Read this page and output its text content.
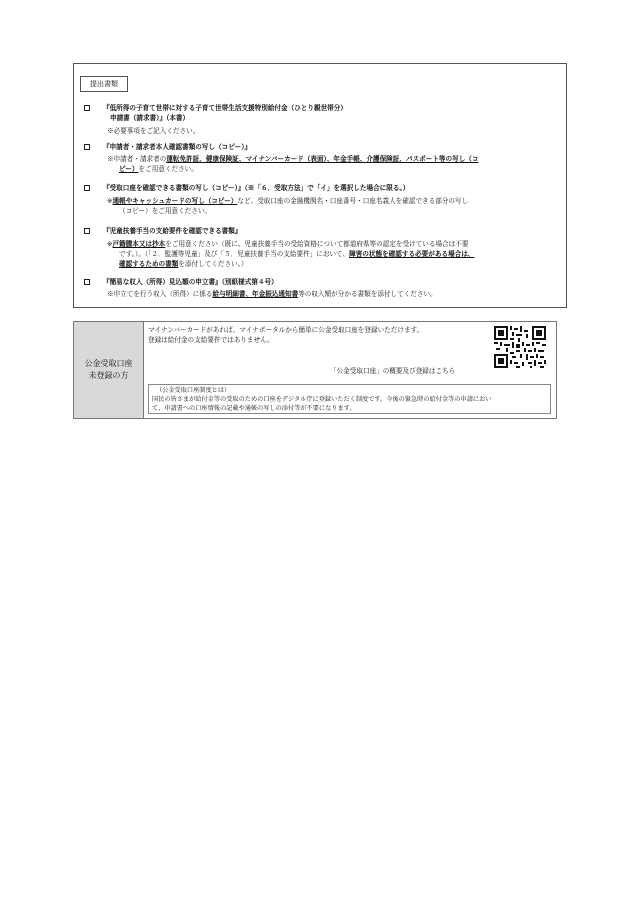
提出書類
『低所得の子育て世帯に対する子育て世帯生活支援特別給付金（ひとり親世帯分）
申請書（請求書）』（本書）
※必要事項をご記入ください。
『申請者・請求者本人確認書類の写し（コピー）』
※申請者・請求者の運転免許証、健康保険証、マイナンバーカード（表面）、年金手帳、介護保険証、パスポート等の写し（コ
ピー）をご用意ください。
『受取口座を確認できる書類の写し（コピー）』（※「６．受取方法」で「イ」を選択した場合に限る。）
※通帳やキャッシュカードの写し（コピー）など、受取口座の金融機関名・口座番号・口座名義人を確認できる部分の写し
（コピー）をご用意ください。
『児童扶養手当の支給要件を確認できる書類』
※戸籍謄本又は抄本をご用意ください（既に、児童扶養手当の受給資格について都道府県等の認定を受けている場合は不要
です。）。（「２．監護等児童」及び「５．児童扶養手当の支給要件」において、障害の状態を確認する必要がある場合は、
確認するための書類を添付してください。）
『簡易な収入（所得）見込額の申立書』（別紙様式第４号）
※申立てを行う収入（所得）に係る給与明細書、年金振込通知書等の収入額が分かる書類を添付してください。
公金受取口座
未登録の方
マイナンバーカードがあれば、マイナポータルから簡単に公金受取口座を登録いただけます。
登録は給付金の支給要件ではありません。
「公金受取口座」の概要及び登録はこちら
（公金受取口座制度とは）
国民の皆さまが給付金等の受取のための口座をデジタル庁に登録いただく制度です。今後の緊急時の給付金等の申請におい
て、申請書への口座情報の記載や通帳の写しの添付等が不要になります。
